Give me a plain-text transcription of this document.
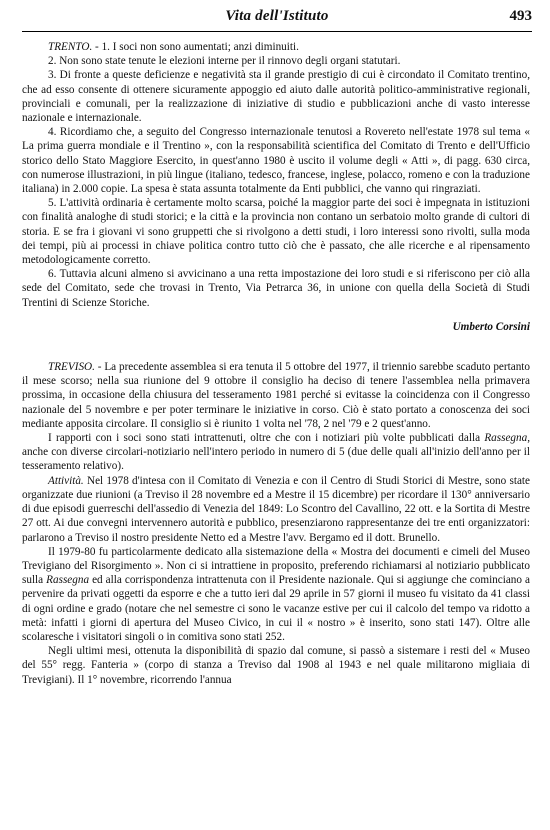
Vita dell'Istituto	493

TRENTO. - 1. I soci non sono aumentati; anzi diminuiti.

2. Non sono state tenute le elezioni interne per il rinnovo degli organi statutari.

3. Di fronte a queste deficienze e negatività sta il grande prestigio di cui è circondato il Comitato trentino, che ad esso consente di ottenere sicuramente appoggio ed aiuto dalle autorità politico-amministrative regionali, provinciali e comunali, per la realizzazione di iniziative di studio e pubblicazioni anche di vasto interesse nazionale e internazionale.

4. Ricordiamo che, a seguito del Congresso internazionale tenutosi a Rovereto nell'estate 1978 sul tema « La prima guerra mondiale e il Trentino », con la responsabilità scientifica del Comitato di Trento e dell'Ufficio storico dello Stato Maggiore Esercito, in quest'anno 1980 è uscito il volume degli « Atti », di pagg. 630 circa, con numerose illustrazioni, in più lingue (italiano, tedesco, francese, inglese, polacco, romeno e con la traduzione italiana) in 2.000 copie. La spesa è stata assunta totalmente da Enti pubblici, che vanno qui ringraziati.

5. L'attività ordinaria è certamente molto scarsa, poiché la maggior parte dei soci è impegnata in istituzioni con finalità analoghe di studi storici; e la città e la provincia non contano un serbatoio molto grande di cultori di storia. E se fra i giovani vi sono gruppetti che si rivolgono a detti studi, i loro interessi sono rivolti, sulla moda dei tempi, più ai processi in chiave politica contro tutto ciò che è passato, che alle ricerche e al ripensamento metodologicamente corretto.

6. Tuttavia alcuni almeno si avvicinano a una retta impostazione dei loro studi e si riferiscono per ciò alla sede del Comitato, sede che trovasi in Trento, Via Petrarca 36, in unione con quella della Società di Studi Trentini di Scienze Storiche.

Umberto Corsini

TREVISO. - La precedente assemblea si era tenuta il 5 ottobre del 1977, il triennio sarebbe scaduto pertanto il mese scorso; nella sua riunione del 9 ottobre il consiglio ha deciso di tenere l'assemblea nella primavera prossima, in occasione della chiusura del tesseramento 1981 perché si evitasse la coincidenza con il Congresso nazionale del 5 novembre e per poter terminare le iniziative in corso. Ciò è stato portato a conoscenza dei soci mediante apposita circolare. Il consiglio si è riunito 1 volta nel '78, 2 nel '79 e 2 quest'anno.

I rapporti con i soci sono stati intrattenuti, oltre che con i notiziari più volte pubblicati dalla Rassegna, anche con diverse circolari-notiziario nell'intero periodo in numero di 5 (due delle quali all'inizio dell'anno per il tesseramento relativo).

Attività. Nel 1978 d'intesa con il Comitato di Venezia e con il Centro di Studi Storici di Mestre, sono state organizzate due riunioni (a Treviso il 28 novembre ed a Mestre il 15 dicembre) per ricordare il 130° anniversario di due episodi guerreschi dell'assedio di Venezia del 1849: Lo Scontro del Cavallino, 22 ott. e la Sortita di Mestre 27 ott. Ai due convegni intervennero autorità e pubblico, presenziarono rappresentanze dei tre enti organizzatori: parlarono a Treviso il nostro presidente Netto ed a Mestre l'avv. Bergamo ed il dott. Brunello.

Il 1979-80 fu particolarmente dedicato alla sistemazione della « Mostra dei documenti e cimeli del Museo Trevigiano del Risorgimento ». Non ci si intrattiene in proposito, preferendo richiamarsi al notiziario pubblicato sulla Rassegna ed alla corrispondenza intrattenuta con il Presidente nazionale. Qui si aggiunge che cominciano a pervenire da privati oggetti da esporre e che a tutto ieri dal 29 aprile in 57 giorni il museo fu visitato da 41 classi di ogni ordine e grado (notare che nel semestre ci sono le vacanze estive per cui il calcolo del tempo va ridotto a metà: infatti i giorni di apertura del Museo Civico, in cui il « nostro » è inserito, sono stati 147). Oltre alle scolaresche i visitatori singoli o in comitiva sono stati 252.

Negli ultimi mesi, ottenuta la disponibilità di spazio dal comune, si passò a sistemare i resti del « Museo del 55° regg. Fanteria » (corpo di stanza a Treviso dal 1908 al 1943 e nel quale militarono migliaia di Trevigiani). Il 1° novembre, ricorrendo l'annua
